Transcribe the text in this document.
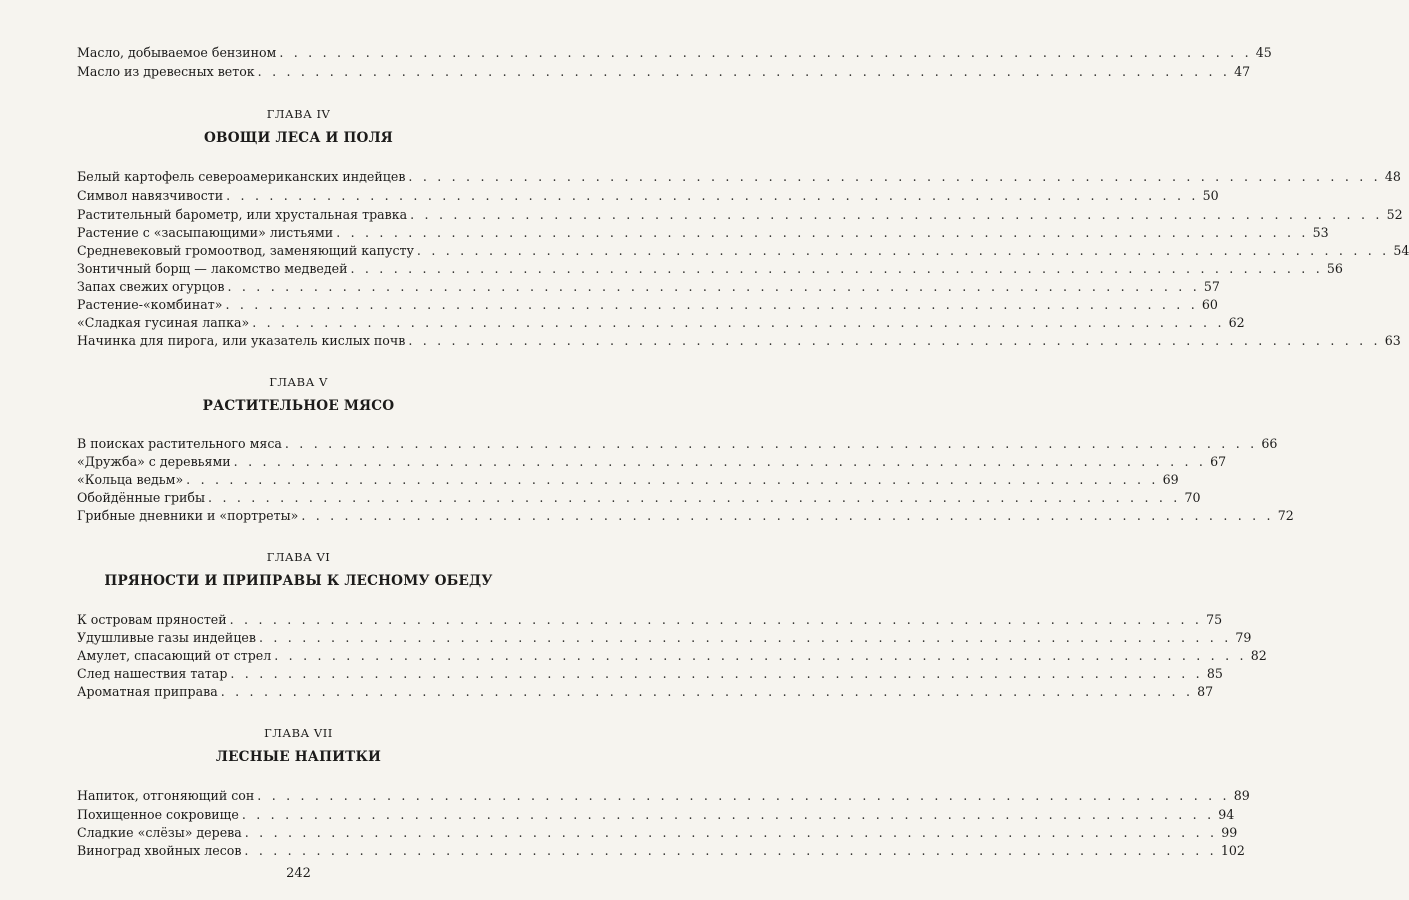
Масло, добываемое бензином . . . . . . . . . . . . . . . . . . . . . . . . . . . . . . . . . . . . . . . . . . . . . . . . . . . . . . . . . . . . . . . . . . . . 45
Масло из древесных веток . . . . . . . . . . . . . . . . . . . . . . . . . . . . . . . . . . . . . . . . . . . . . . . . . . . . . . . . . . . . . . . . . . . . 47
ГЛАВА IV
ОВОЩИ ЛЕСА И ПОЛЯ
Белый картофель североамериканских индейцев . . . . . . . . . . . . . . . . . . . . . . . . . . . . . . . . . . . . . . . . . . . . . . . . . . . . . . . . . . . . . . . . . . . . 48
Символ навязчивости . . . . . . . . . . . . . . . . . . . . . . . . . . . . . . . . . . . . . . . . . . . . . . . . . . . . . . . . . . . . . . . . . . . . 50
Растительный барометр, или хрустальная травка . . . . . . . . . . . . . . . . . . . . . . . . . . . . . . . . . . . . . . . . . . . . . . . . . . . . . . . . . . . . . . . . . . . . 52
Растение с «засыпающими» листьями . . . . . . . . . . . . . . . . . . . . . . . . . . . . . . . . . . . . . . . . . . . . . . . . . . . . . . . . . . . . . . . . . . . . 53
Средневековый громоотвод, заменяющий капусту . . . . . . . . . . . . . . . . . . . . . . . . . . . . . . . . . . . . . . . . . . . . . . . . . . . . . . . . . . . . . . . . . . . . 54
Зонтичный борщ — лакомство медведей . . . . . . . . . . . . . . . . . . . . . . . . . . . . . . . . . . . . . . . . . . . . . . . . . . . . . . . . . . . . . . . . . . . . 56
Запах свежих огурцов . . . . . . . . . . . . . . . . . . . . . . . . . . . . . . . . . . . . . . . . . . . . . . . . . . . . . . . . . . . . . . . . . . . . 57
Растение-«комбинат» . . . . . . . . . . . . . . . . . . . . . . . . . . . . . . . . . . . . . . . . . . . . . . . . . . . . . . . . . . . . . . . . . . . . 60
«Сладкая гусиная лапка» . . . . . . . . . . . . . . . . . . . . . . . . . . . . . . . . . . . . . . . . . . . . . . . . . . . . . . . . . . . . . . . . . . . . 62
Начинка для пирога, или указатель кислых почв . . . . . . . . . . . . . . . . . . . . . . . . . . . . . . . . . . . . . . . . . . . . . . . . . . . . . . . . . . . . . . . . . . . . 63
ГЛАВА V
РАСТИТЕЛЬНОЕ МЯСО
В поисках растительного мяса . . . . . . . . . . . . . . . . . . . . . . . . . . . . . . . . . . . . . . . . . . . . . . . . . . . . . . . . . . . . . . . . . . . . 66
«Дружба» с деревьями . . . . . . . . . . . . . . . . . . . . . . . . . . . . . . . . . . . . . . . . . . . . . . . . . . . . . . . . . . . . . . . . . . . . 67
«Кольца ведьм» . . . . . . . . . . . . . . . . . . . . . . . . . . . . . . . . . . . . . . . . . . . . . . . . . . . . . . . . . . . . . . . . . . . . 69
Обойдённые грибы . . . . . . . . . . . . . . . . . . . . . . . . . . . . . . . . . . . . . . . . . . . . . . . . . . . . . . . . . . . . . . . . . . . . 70
Грибные дневники и «портреты» . . . . . . . . . . . . . . . . . . . . . . . . . . . . . . . . . . . . . . . . . . . . . . . . . . . . . . . . . . . . . . . . . . . . 72
ГЛАВА VI
ПРЯНОСТИ И ПРИПРАВЫ К ЛЕСНОМУ ОБЕДУ
К островам пряностей . . . . . . . . . . . . . . . . . . . . . . . . . . . . . . . . . . . . . . . . . . . . . . . . . . . . . . . . . . . . . . . . . . . . 75
Удушливые газы индейцев . . . . . . . . . . . . . . . . . . . . . . . . . . . . . . . . . . . . . . . . . . . . . . . . . . . . . . . . . . . . . . . . . . . . 79
Амулет, спасающий от стрел . . . . . . . . . . . . . . . . . . . . . . . . . . . . . . . . . . . . . . . . . . . . . . . . . . . . . . . . . . . . . . . . . . . . 82
След нашествия татар . . . . . . . . . . . . . . . . . . . . . . . . . . . . . . . . . . . . . . . . . . . . . . . . . . . . . . . . . . . . . . . . . . . . 85
Ароматная приправа . . . . . . . . . . . . . . . . . . . . . . . . . . . . . . . . . . . . . . . . . . . . . . . . . . . . . . . . . . . . . . . . . . . . 87
ГЛАВА VII
ЛЕСНЫЕ НАПИТКИ
Напиток, отгоняющий сон . . . . . . . . . . . . . . . . . . . . . . . . . . . . . . . . . . . . . . . . . . . . . . . . . . . . . . . . . . . . . . . . . . . . 89
Похищенное сокровище . . . . . . . . . . . . . . . . . . . . . . . . . . . . . . . . . . . . . . . . . . . . . . . . . . . . . . . . . . . . . . . . . . . . 94
Сладкие «слёзы» дерева . . . . . . . . . . . . . . . . . . . . . . . . . . . . . . . . . . . . . . . . . . . . . . . . . . . . . . . . . . . . . . . . . . . . 99
Виноград хвойных лесов . . . . . . . . . . . . . . . . . . . . . . . . . . . . . . . . . . . . . . . . . . . . . . . . . . . . . . . . . . . . . . . . . . . . 102
242
